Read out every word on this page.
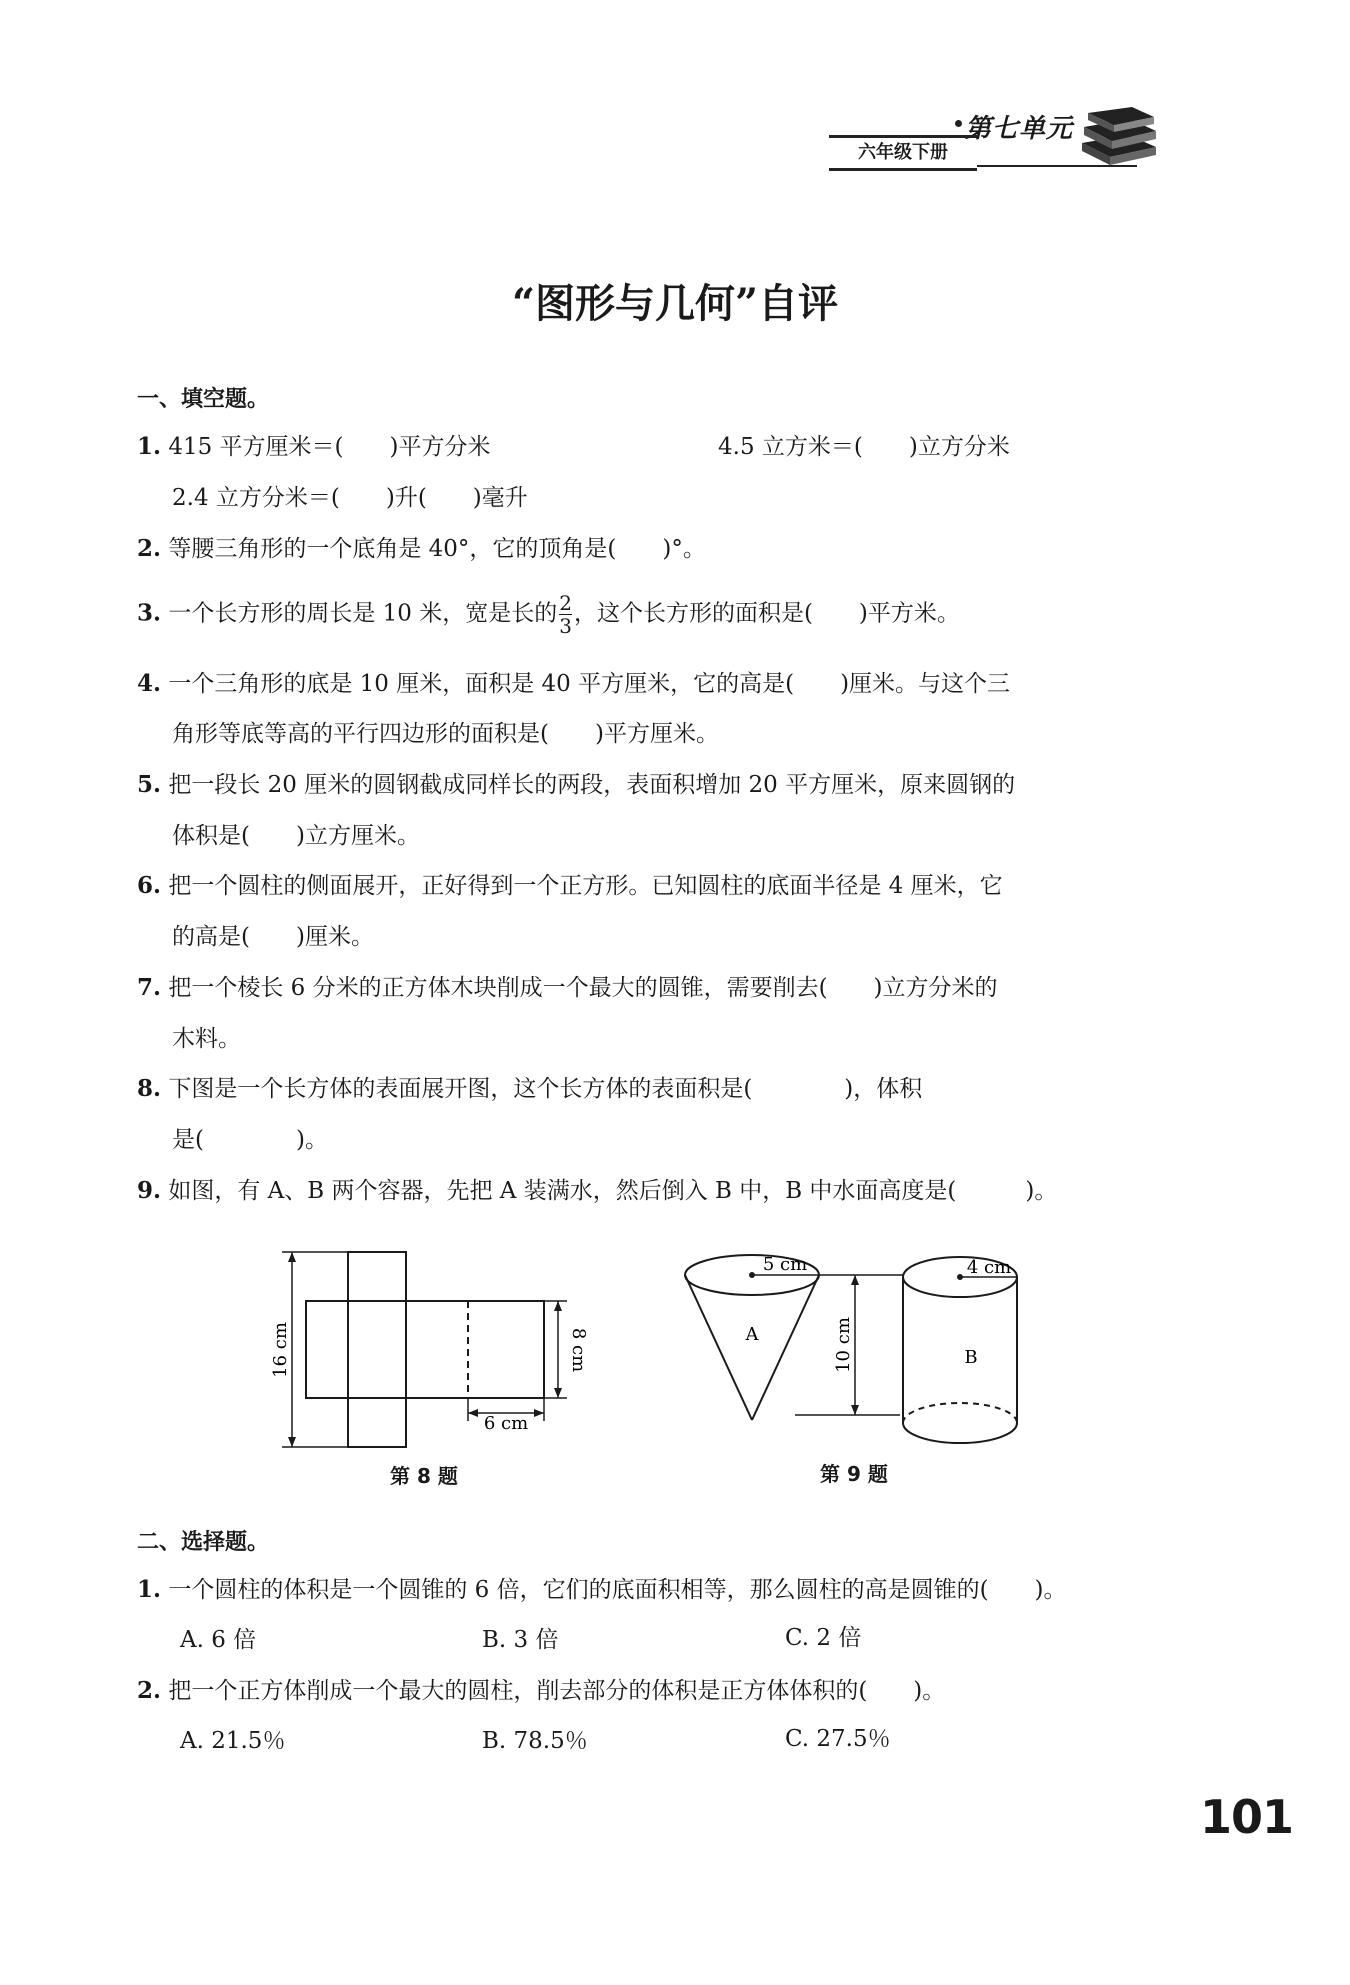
第七单元
六年级下册
“图形与几何”自评
一、填空题。
1. 415 平方厘米＝(　　)平方分米	4.5 立方米＝(　　)立方分米
2.4 立方分米＝(　　)升(　　)毫升
2. 等腰三角形的一个底角是 40°，它的顶角是(　　)°。
3. 一个长方形的周长是 10 米，宽是长的 $\frac{2}{3}$ ，这个长方形的面积是(　　)平方米。
4. 一个三角形的底是 10 厘米，面积是 40 平方厘米，它的高是(　　)厘米。与这个三
角形等底等高的平行四边形的面积是(　　)平方厘米。
5. 把一段长 20 厘米的圆钢截成同样长的两段，表面积增加 20 平方厘米，原来圆钢的
体积是(　　)立方厘米。
6. 把一个圆柱的侧面展开，正好得到一个正方形。已知圆柱的底面半径是 4 厘米，它
的高是(　　)厘米。
7. 把一个棱长 6 分米的正方体木块削成一个最大的圆锥，需要削去(　　)立方分米的
木料。
8. 下图是一个长方体的表面展开图，这个长方体的表面积是(　　　　)，体积
是(　　　　)。
9. 如图，有 A、B 两个容器，先把 A 装满水，然后倒入 B 中，B 中水面高度是(　　　)。
16 cm	8 cm
6 cm
第 8 题
5 cm	4 cm
10 cm
A
B
第 9 题
二、选择题。
1. 一个圆柱的体积是一个圆锥的 6 倍，它们的底面积相等，那么圆柱的高是圆锥的(　　)。
A. 6 倍	B. 3 倍	C. 2 倍
2. 把一个正方体削成一个最大的圆柱，削去部分的体积是正方体体积的(　　)。
A. 21.5％	B. 78.5％	C. 27.5％
101
